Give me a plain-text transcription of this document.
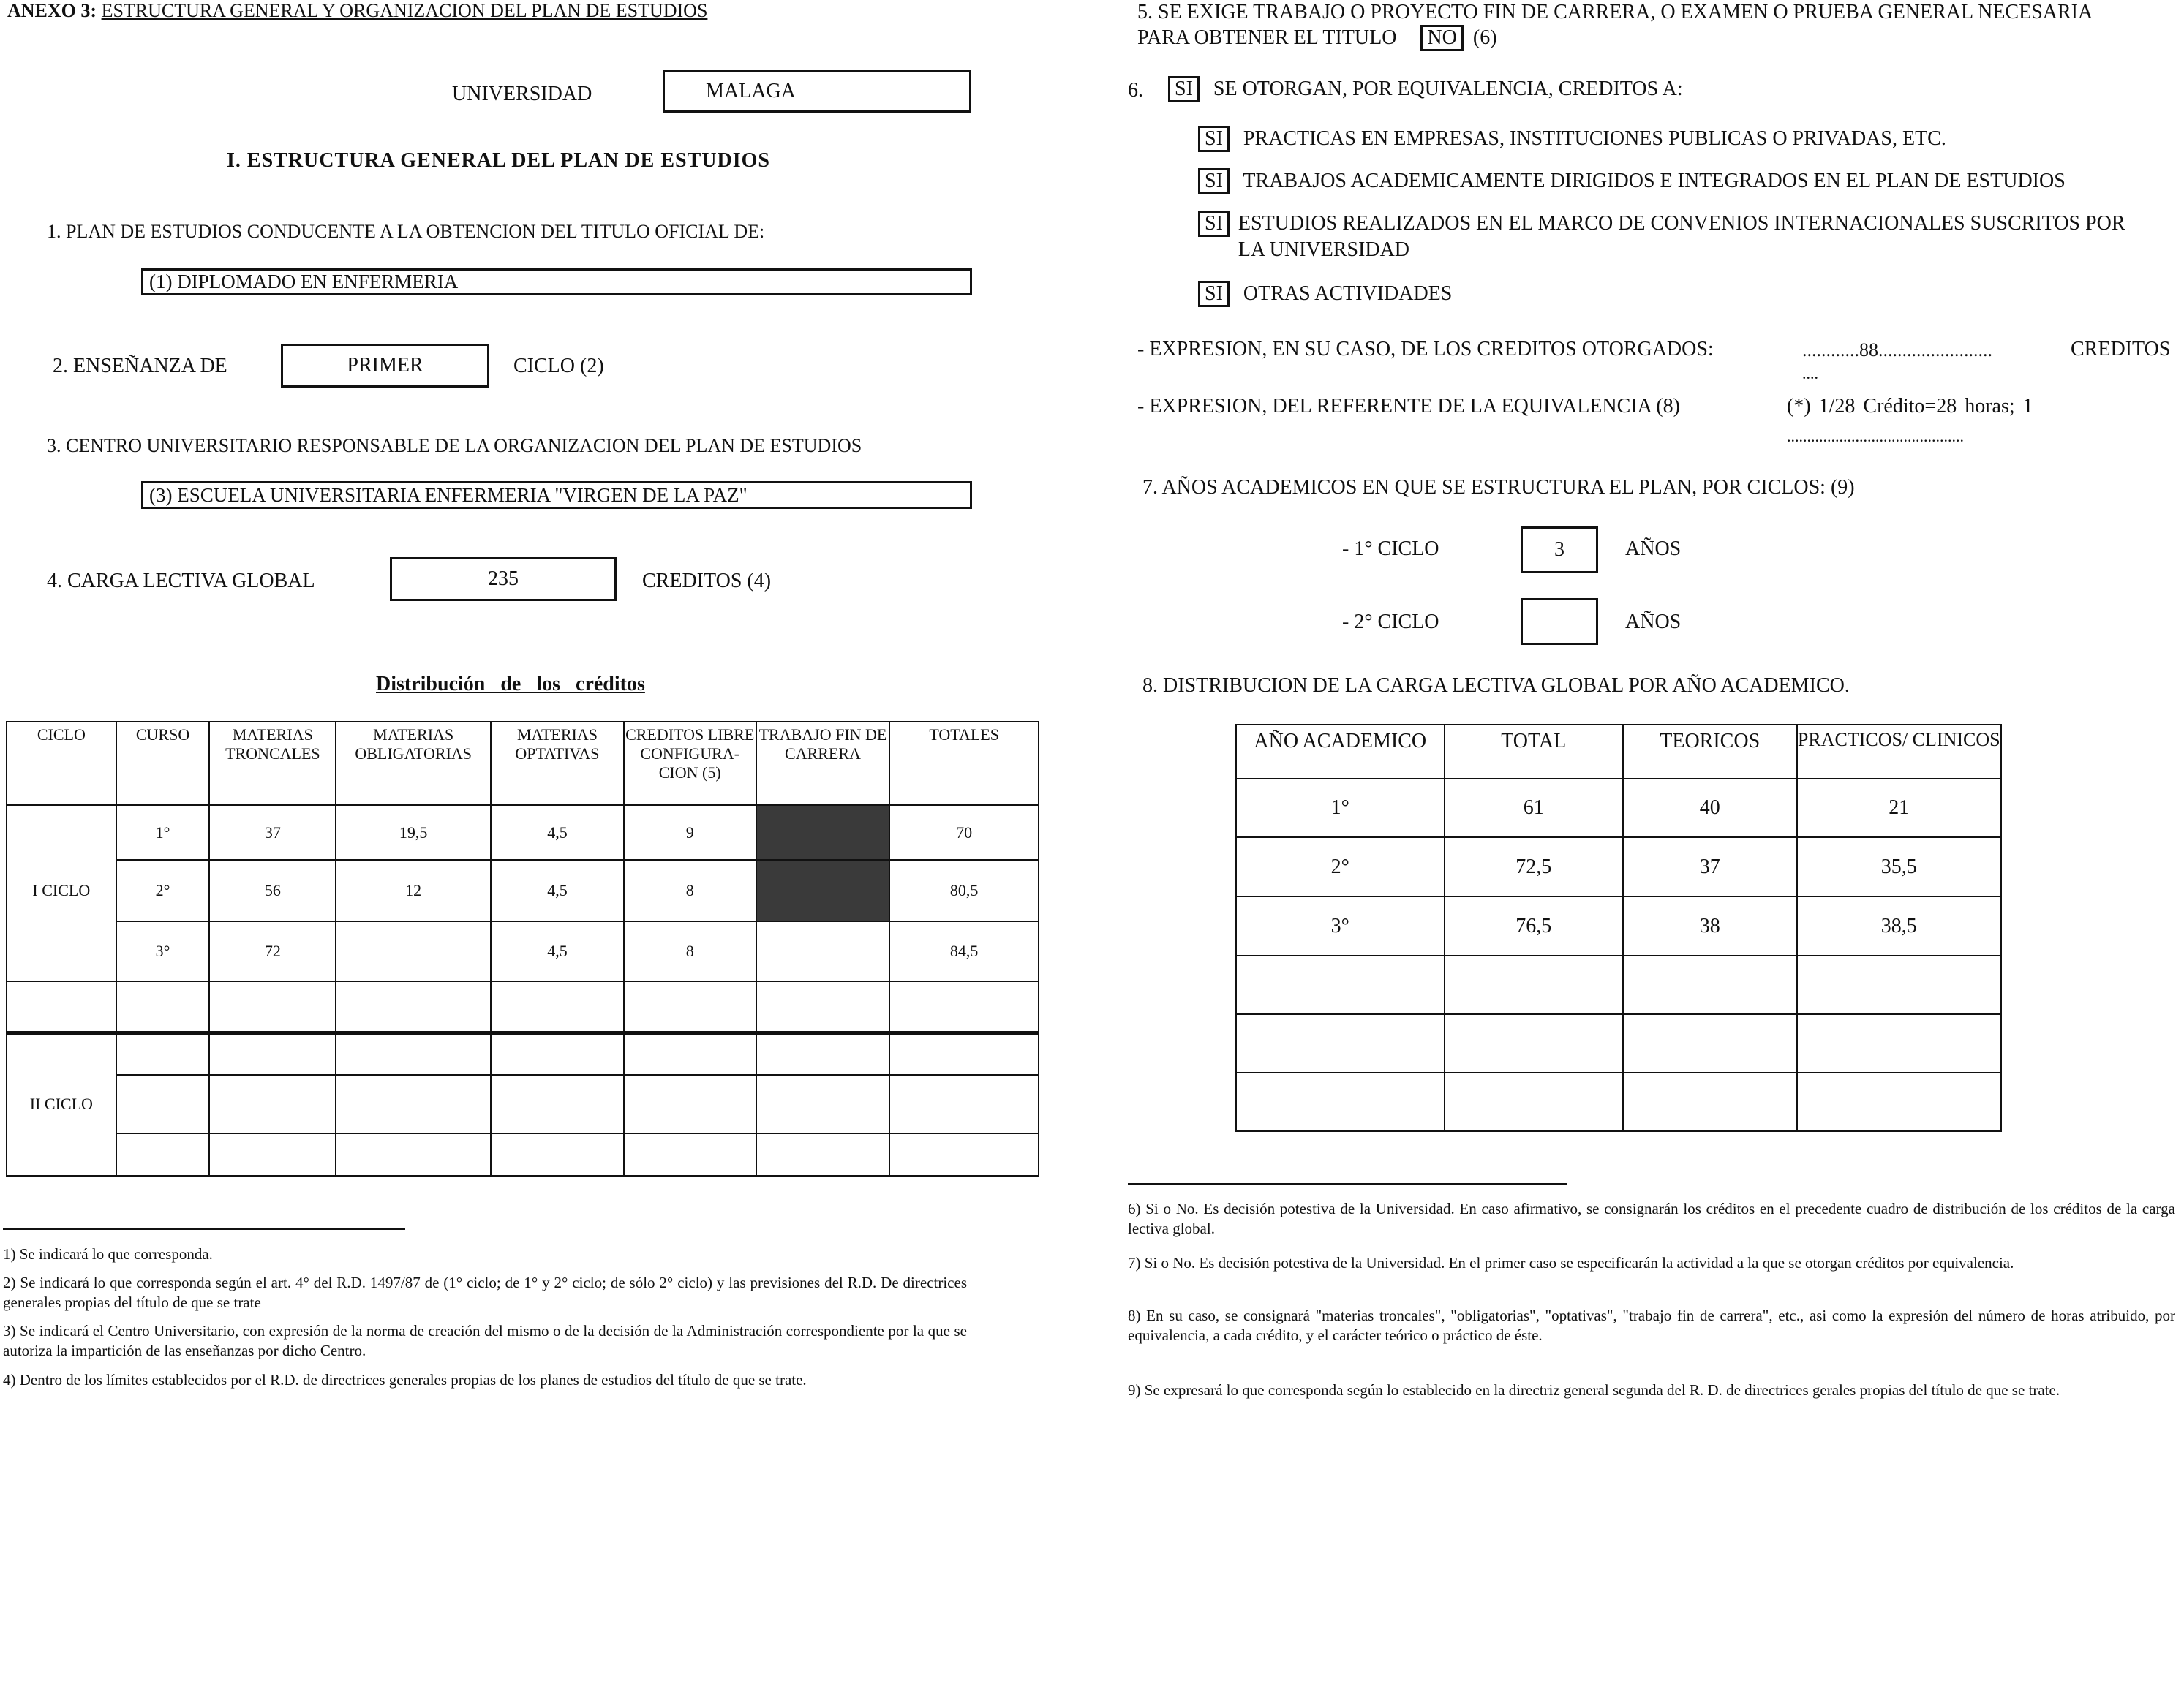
ANEXO 3: ESTRUCTURA GENERAL Y ORGANIZACION DEL PLAN DE ESTUDIOS
UNIVERSIDAD	MALAGA
I. ESTRUCTURA GENERAL DEL PLAN DE ESTUDIOS
1. PLAN DE ESTUDIOS CONDUCENTE A LA OBTENCION DEL TITULO OFICIAL DE:
(1) DIPLOMADO EN ENFERMERIA
2. ENSEÑANZA DE	PRIMER	CICLO (2)
3. CENTRO UNIVERSITARIO RESPONSABLE DE LA ORGANIZACION DEL PLAN DE ESTUDIOS
(3) ESCUELA UNIVERSITARIA ENFERMERIA "VIRGEN DE LA PAZ"
4. CARGA LECTIVA GLOBAL	235	CREDITOS (4)
Distribución de los créditos
CICLO	CURSO	MATERIAS TRONCALES	MATERIAS OBLIGATORIAS	MATERIAS OPTATIVAS	CREDITOS LIBRE CONFIGURA-CION (5)	TRABAJO FIN DE CARRERA	TOTALES
	1°	37	19,5	4,5	9		70
I CICLO	2°	56	12	4,5	8		80,5
	3°	72		4,5	8		84,5

II CICLO							

1) Se indicará lo que corresponda.
2) Se indicará lo que corresponda según el art. 4° del R.D. 1497/87 de (1° ciclo; de 1° y 2° ciclo; de sólo 2° ciclo) y las previsiones del R.D. De directrices generales propias del título de que se trate
3) Se indicará el Centro Universitario, con expresión de la norma de creación del mismo o de la decisión de la Administración correspondiente por la que se autoriza la impartición de las enseñanzas por dicho Centro.
4) Dentro de los límites establecidos por el R.D. de directrices generales propias de los planes de estudios del título de que se trate.
5. SE EXIGE TRABAJO O PROYECTO FIN DE CARRERA, O EXAMEN O PRUEBA GENERAL NECESARIA
PARA OBTENER EL TITULO NO (6)
6.	SI SE OTORGAN, POR EQUIVALENCIA, CREDITOS A:
SI PRACTICAS EN EMPRESAS, INSTITUCIONES PUBLICAS O PRIVADAS, ETC.
SI TRABAJOS ACADEMICAMENTE DIRIGIDOS E INTEGRADOS EN EL PLAN DE ESTUDIOS
SI ESTUDIOS REALIZADOS EN EL MARCO DE CONVENIOS INTERNACIONALES SUSCRITOS POR LA UNIVERSIDAD
SI OTRAS ACTIVIDADES
- EXPRESION, EN SU CASO, DE LOS CREDITOS OTORGADOS:	............88........................	CREDITOS
....
- EXPRESION, DEL REFERENTE DE LA EQUIVALENCIA (8)	(*) 1/28 Crédito=28 horas; 1
............................................
7. AÑOS ACADEMICOS EN QUE SE ESTRUCTURA EL PLAN, POR CICLOS: (9)
- 1° CICLO	3	AÑOS
- 2° CICLO	AÑOS
8. DISTRIBUCION DE LA CARGA LECTIVA GLOBAL POR AÑO ACADEMICO.
AÑO ACADEMICO	TOTAL	TEORICOS	PRACTICOS/ CLINICOS
1°	61	40	21
2°	72,5	37	35,5
3°	76,5	38	38,5

6) Si o No. Es decisión potestiva de la Universidad. En caso afirmativo, se consignarán los créditos en el precedente cuadro de distribución de los créditos de la carga lectiva global.
7) Si o No. Es decisión potestiva de la Universidad. En el primer caso se especificarán la actividad a la que se otorgan créditos por equivalencia.
8) En su caso, se consignará "materias troncales", "obligatorias", "optativas", "trabajo fin de carrera", etc., asi como la expresión del número de horas atribuido, por equivalencia, a cada crédito, y el carácter teórico o práctico de éste.
9) Se expresará lo que corresponda según lo establecido en la directriz general segunda del R. D. de directrices gerales propias del título de que se trate.
